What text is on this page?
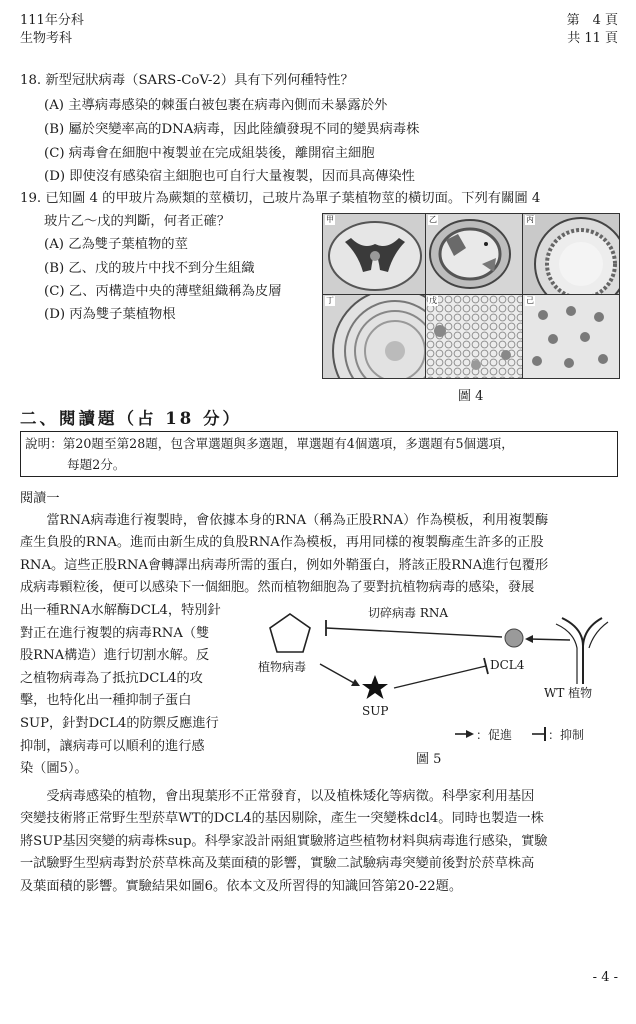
111年分科
生物考科
第　4 頁
共 11 頁
18. 新型冠狀病毒（SARS-CoV-2）具有下列何種特性？
(A) 主導病毒感染的棘蛋白被包裹在病毒內側而未暴露於外
(B) 屬於突變率高的DNA病毒，因此陸續發現不同的變異病毒株
(C) 病毒會在細胞中複製並在完成組裝後，離開宿主細胞
(D) 即使沒有感染宿主細胞也可自行大量複製，因而具高傳染性
19. 已知圖 4 的甲玻片為蕨類的莖橫切，己玻片為單子葉植物莖的橫切面。下列有關圖 4
玻片乙～戊的判斷，何者正確？
(A) 乙為雙子葉植物的莖
(B) 乙、戊的玻片中找不到分生組織
(C) 乙、丙構造中央的薄壁組織稱為皮層
(D) 丙為雙子葉植物根
甲	乙	丙
丁	戊	己
圖 4
二、閱讀題（占 18 分）
說明：第20題至第28題，包含單選題與多選題，單選題有4個選項，多選題有5個選項，
每題2分。
閱讀一
　　當RNA病毒進行複製時，會依據本身的RNA（稱為正股RNA）作為模板，利用複製酶
產生負股的RNA。進而由新生成的負股RNA作為模板，再用同樣的複製酶產生許多的正股
RNA。這些正股RNA會轉譯出病毒所需的蛋白，例如外鞘蛋白，將該正股RNA進行包覆形
成病毒顆粒後，便可以感染下一個細胞。然而植物細胞為了要對抗植物病毒的感染，發展
出一種RNA水解酶DCL4，特別針
對正在進行複製的病毒RNA（雙
股RNA構造）進行切割水解。反
之植物病毒為了抵抗DCL4的攻
擊，也特化出一種抑制子蛋白
SUP，針對DCL4的防禦反應進行
抑制，讓病毒可以順利的進行感
染（圖5）。
切碎病毒 RNA
植物病毒	DCL4
SUP
WT 植物
：促進	：抑制
圖 5
　　受病毒感染的植物，會出現葉形不正常發育，以及植株矮化等病徵。科學家利用基因
突變技術將正常野生型菸草WT的DCL4的基因剔除，產生一突變株dcl4。同時也製造一株
將SUP基因突變的病毒株sup。科學家設計兩組實驗將這些植物材料與病毒進行感染，實驗
一試驗野生型病毒對於菸草株高及葉面積的影響，實驗二試驗病毒突變前後對於菸草株高
及葉面積的影響。實驗結果如圖6。依本文及所習得的知識回答第20-22題。
- 4 -
